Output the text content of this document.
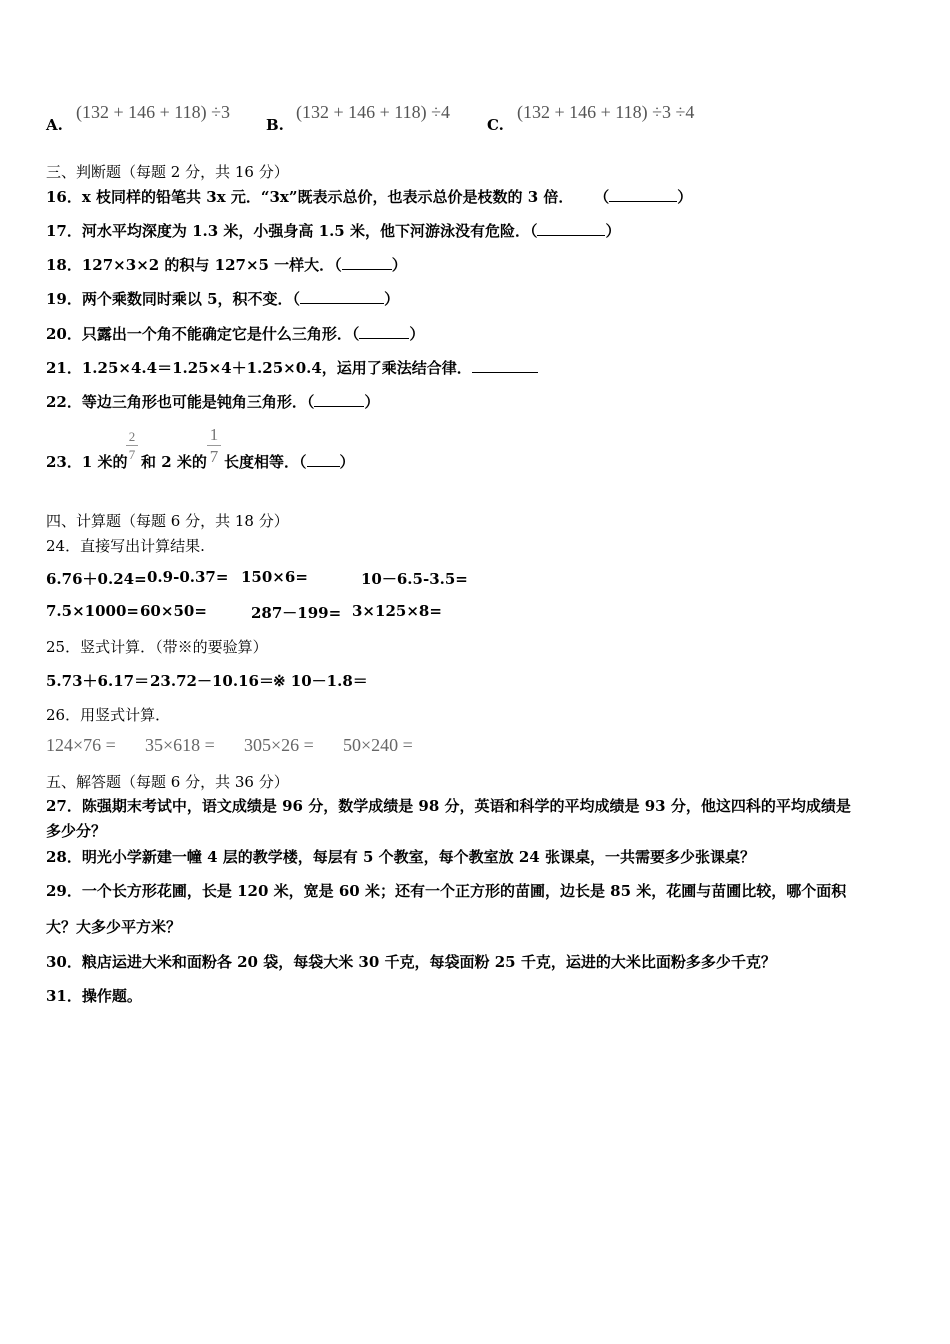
A.
(132 + 146 + 118) ÷3
B.
(132 + 146 + 118) ÷4
C.
(132 + 146 + 118) ÷3 ÷4
三、判断题（每题 2 分，共 16 分）
16．x 枝同样的铅笔共 3x 元．“3x”既表示总价，也表示总价是枝数的 3 倍． （	）
17．河水平均深度为 1.3 米，小强身高 1.5 米，他下河游泳没有危险．（	）
18．127×3×2 的积与 127×5 一样大．（	）
19．两个乘数同时乘以 5，积不变．（	）
20．只露出一个角不能确定它是什么三角形．（	）
21．1.25×4.4＝1.25×4＋1.25×0.4，运用了乘法结合律．
22．等边三角形也可能是钝角三角形．（	）
23．1 米的
2
7 和 2 米的
1
7 长度相等．（ ）
四、计算题（每题 6 分，共 18 分）
24．直接写出计算结果.
6.76＋0.24= 0.9-0.37= 150×6=	10－6.5-3.5=
7.5×1000= 60×50=	287－199= 3×125×8=
25．竖式计算．（带※的要验算）
5.73＋6.17＝ 23.72－10.16＝ ※ 10－1.8＝
26．用竖式计算．
124×76 = 35×618 = 305×26 = 50×240 =
五、解答题（每题 6 分，共 36 分）
27．陈强期末考试中，语文成绩是 96 分，数学成绩是 98 分，英语和科学的平均成绩是 93 分，他这四科的平均成绩是
多少分？
28．明光小学新建一幢 4 层的教学楼，每层有 5 个教室，每个教室放 24 张课桌，一共需要多少张课桌？
29．一个长方形花圃，长是 120 米，宽是 60 米；还有一个正方形的苗圃，边长是 85 米，花圃与苗圃比较，哪个面积
大？大多少平方米？
30．粮店运进大米和面粉各 20 袋，每袋大米 30 千克，每袋面粉 25 千克，运进的大米比面粉多多少千克？
31．操作题。
